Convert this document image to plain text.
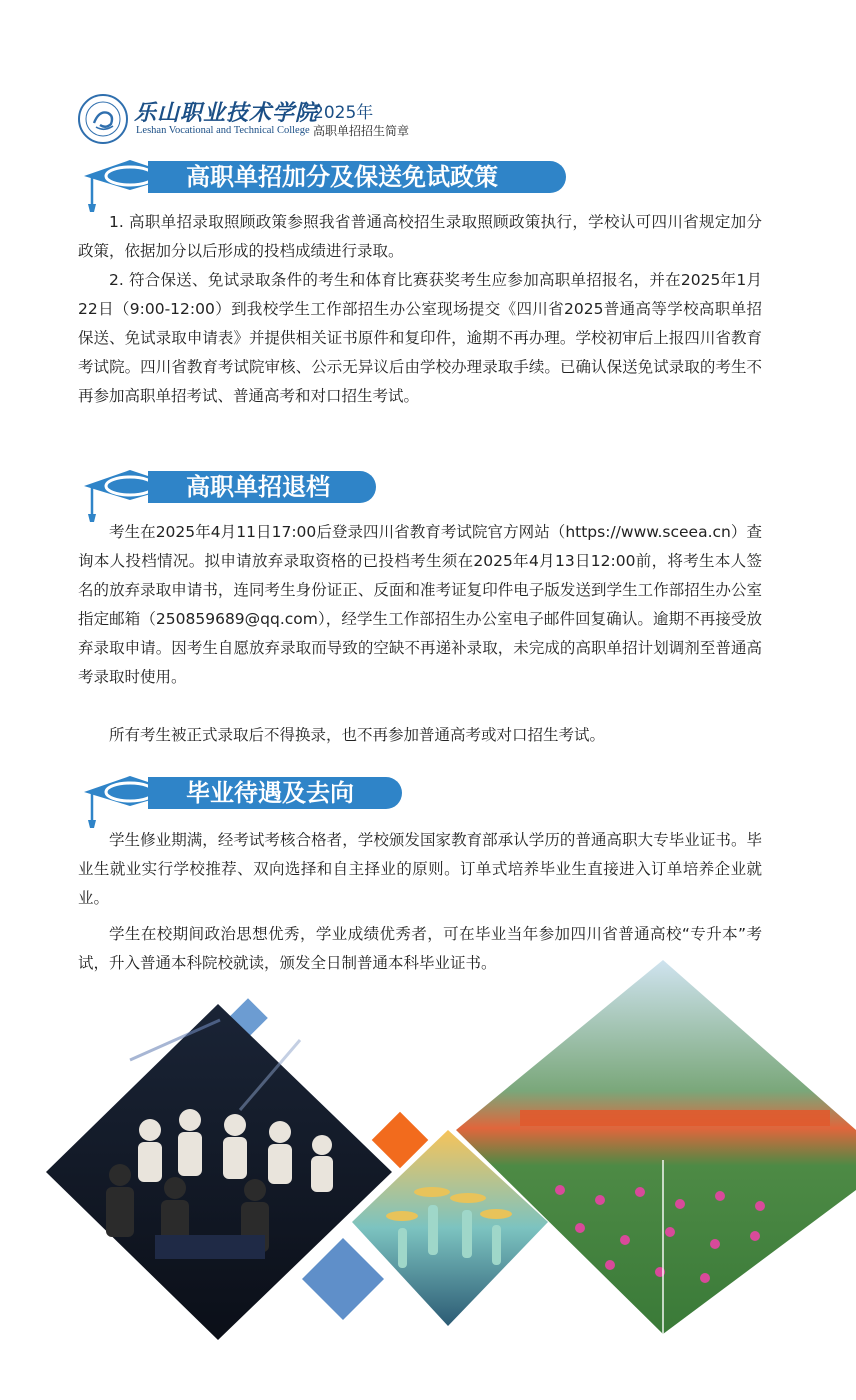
乐山职业技术学院
Leshan Vocational and Technical College
2025年
高职单招招生简章
高职单招加分及保送免试政策

1. 高职单招录取照顾政策参照我省普通高校招生录取照顾政策执行，学校认可四川省规定加分政策，依据加分以后形成的投档成绩进行录取。

2. 符合保送、免试录取条件的考生和体育比赛获奖考生应参加高职单招报名，并在2025年1月22日（9:00-12:00）到我校学生工作部招生办公室现场提交《四川省2025普通高等学校高职单招保送、免试录取申请表》并提供相关证书原件和复印件，逾期不再办理。学校初审后上报四川省教育考试院。四川省教育考试院审核、公示无异议后由学校办理录取手续。已确认保送免试录取的考生不再参加高职单招考试、普通高考和对口招生考试。

高职单招退档

考生在2025年4月11日17:00后登录四川省教育考试院官方网站（https://www.sceea.cn）查询本人投档情况。拟申请放弃录取资格的已投档考生须在2025年4月13日12:00前，将考生本人签名的放弃录取申请书，连同考生身份证正、反面和准考证复印件电子版发送到学生工作部招生办公室指定邮箱（250859689@qq.com），经学生工作部招生办公室电子邮件回复确认。逾期不再接受放弃录取申请。因考生自愿放弃录取而导致的空缺不再递补录取，未完成的高职单招计划调剂至普通高考录取时使用。

所有考生被正式录取后不得换录，也不再参加普通高考或对口招生考试。

毕业待遇及去向

学生修业期满，经考试考核合格者，学校颁发国家教育部承认学历的普通高职大专毕业证书。毕业生就业实行学校推荐、双向选择和自主择业的原则。订单式培养毕业生直接进入订单培养企业就业。

学生在校期间政治思想优秀，学业成绩优秀者，可在毕业当年参加四川省普通高校“专升本”考试，升入普通本科院校就读，颁发全日制普通本科毕业证书。
